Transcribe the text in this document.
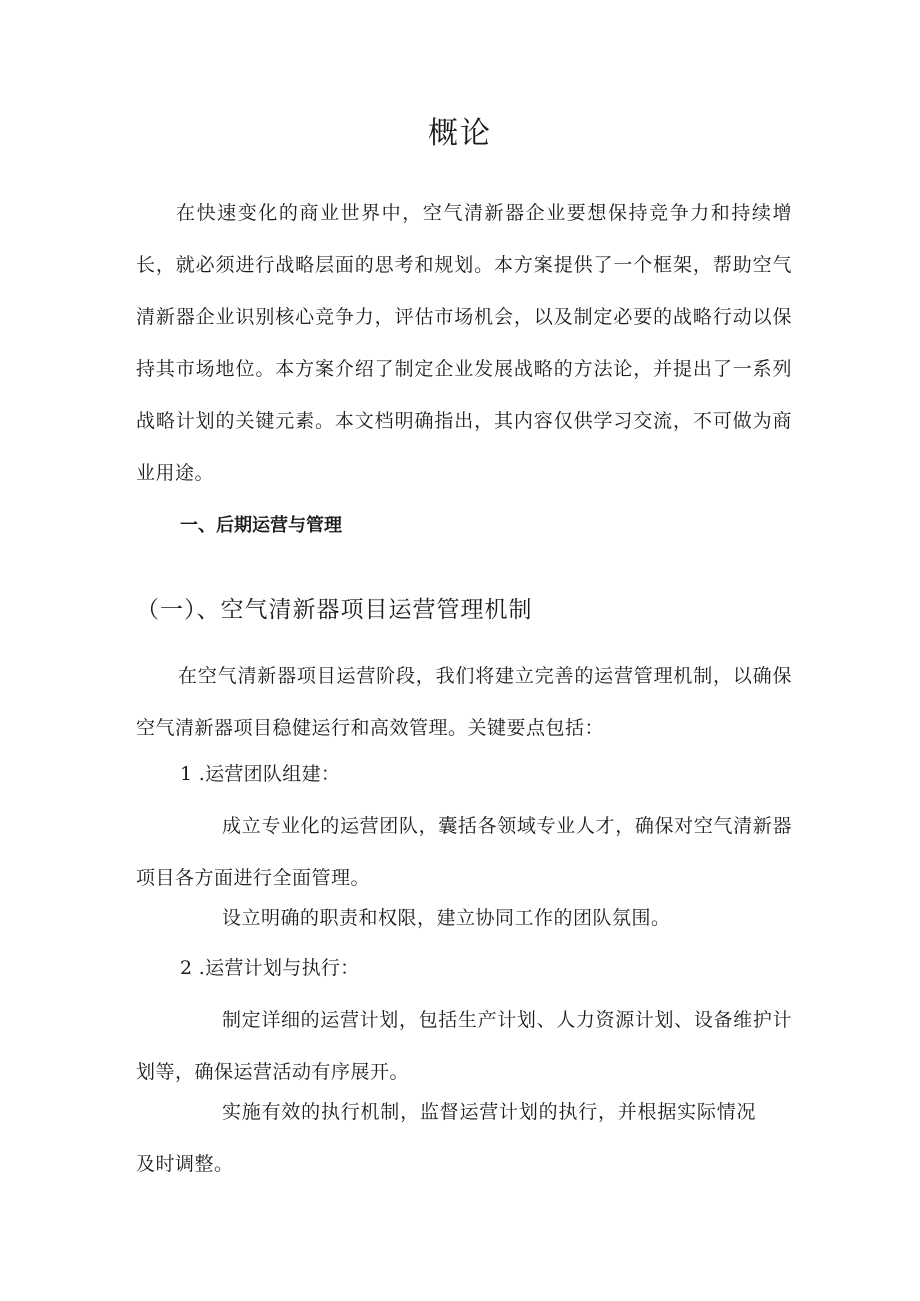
概论

在快速变化的商业世界中，空气清新器企业要想保持竞争力和持续增长，就必须进行战略层面的思考和规划。本方案提供了一个框架，帮助空气清新器企业识别核心竞争力，评估市场机会，以及制定必要的战略行动以保持其市场地位。本方案介绍了制定企业发展战略的方法论，并提出了一系列战略计划的关键元素。本文档明确指出，其内容仅供学习交流，不可做为商业用途。

一、后期运营与管理
（一）、空气清新器项目运营管理机制

在空气清新器项目运营阶段，我们将建立完善的运营管理机制，以确保空气清新器项目稳健运行和高效管理。关键要点包括：

1 .运营团队组建：

成立专业化的运营团队，囊括各领域专业人才，确保对空气清新器项目各方面进行全面管理。

设立明确的职责和权限，建立协同工作的团队氛围。

2 .运营计划与执行：

制定详细的运营计划，包括生产计划、人力资源计划、设备维护计划等，确保运营活动有序展开。

实施有效的执行机制，监督运营计划的执行，并根据实际情况及时调整。
